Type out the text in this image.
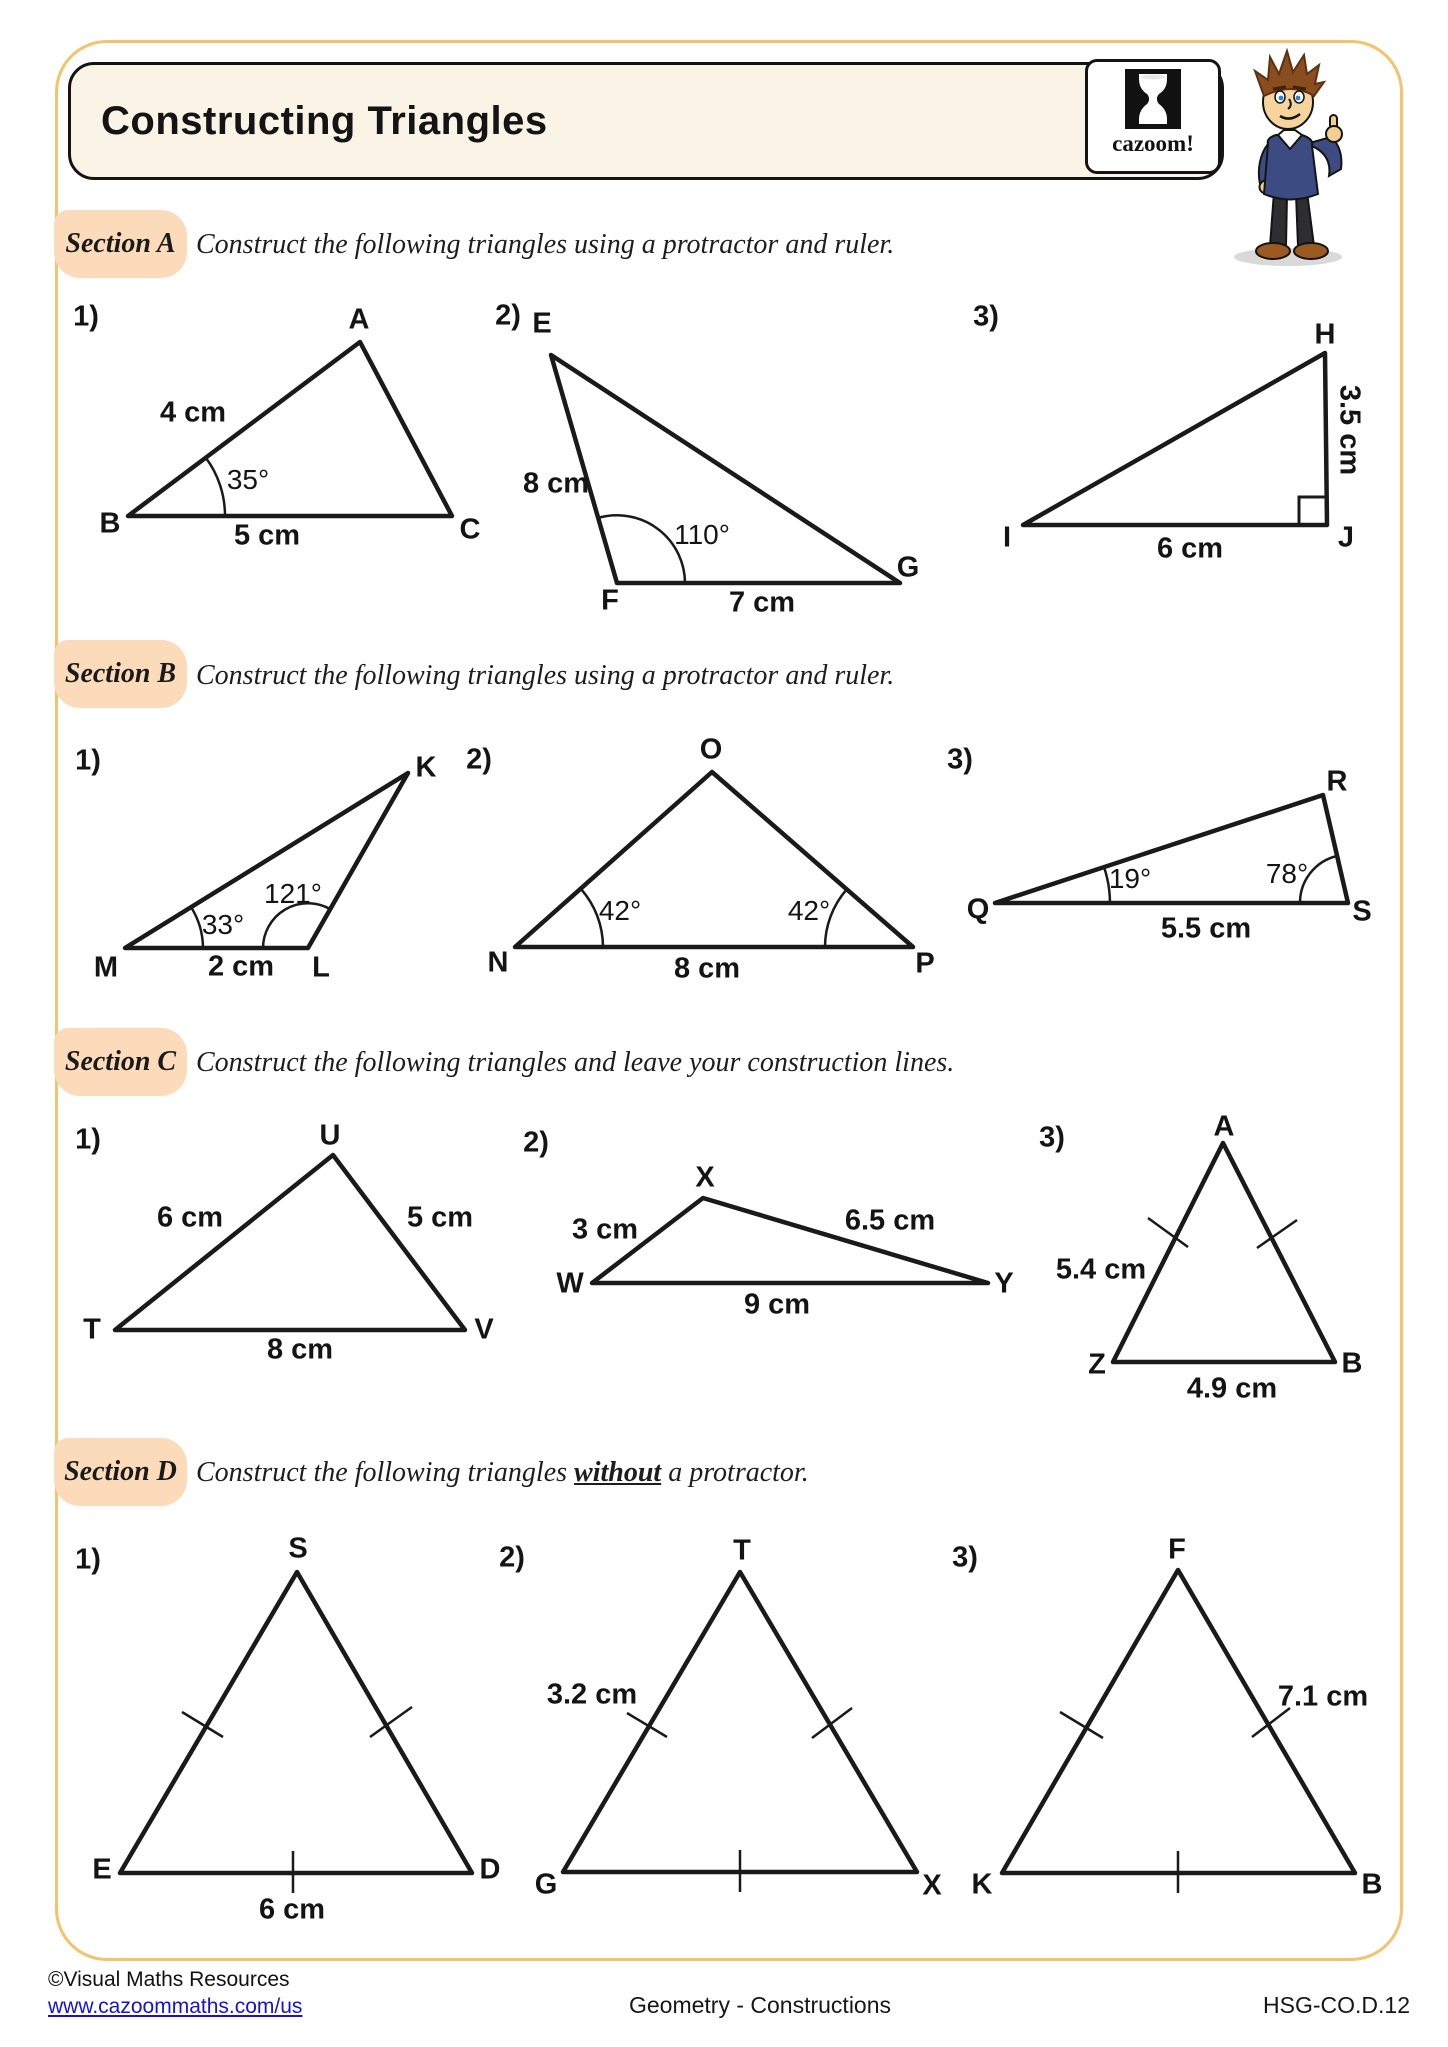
Constructing Triangles
cazoom!
Section A Construct the following triangles using a protractor and ruler.
Section B Construct the following triangles using a protractor and ruler.
Section C Construct the following triangles and leave your construction lines.
Section D Construct the following triangles without a protractor.
1)	A
B	C
4 cm
5 cm
35°
2) E
F
G
8 cm
7 cm
110°
3)
H
I	J
3.5 cm
6 cm
1)	K
M	L
2 cm
33°
121°
2)	O
N	P
8 cm
42°	42°
3)
R
Q	S
5.5 cm
19°	78°
1)	U
T	V
6 cm	5 cm
8 cm
2)
X
W	Y
3 cm	6.5 cm
9 cm
3)	A
Z	B
5.4 cm
4.9 cm
1)	S
E	D
6 cm
2)	T
G	X
3.2 cm
3)	F
K	B
7.1 cm
©Visual Maths Resources
www.cazoommaths.com/us	Geometry - Constructions	HSG-CO.D.12
